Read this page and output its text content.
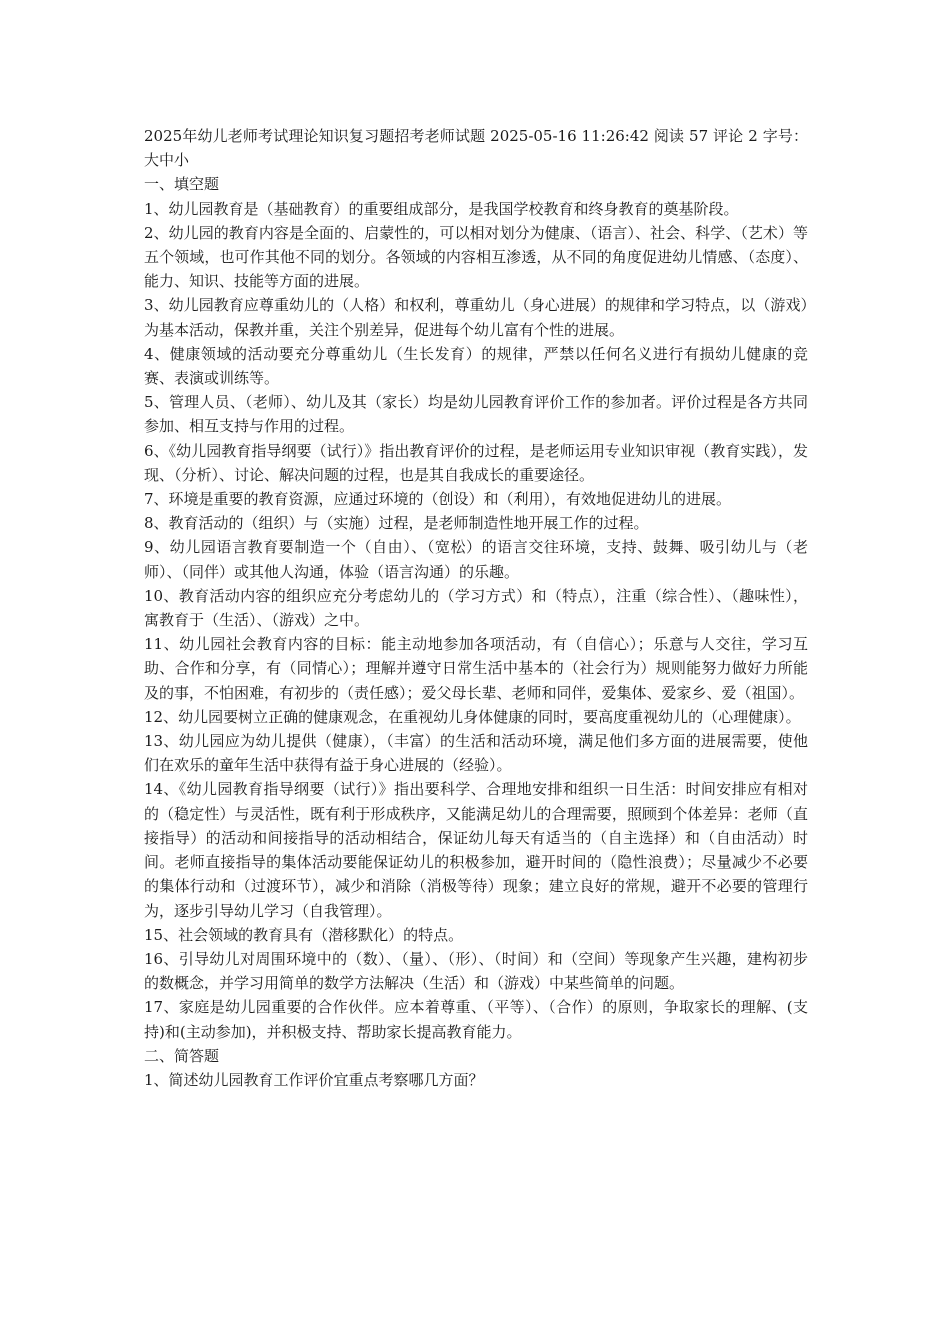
2025年幼儿老师考试理论知识复习题招考老师试题 2025-05-16 11:26:42 阅读 57 评论 2 字号：大中小

一、填空题

1、幼儿园教育是（基础教育）的重要组成部分，是我国学校教育和终身教育的奠基阶段。

2、幼儿园的教育内容是全面的、启蒙性的，可以相对划分为健康、（语言）、社会、科学、（艺术）等五个领域，也可作其他不同的划分。各领域的内容相互渗透，从不同的角度促进幼儿情感、（态度）、能力、知识、技能等方面的进展。

3、幼儿园教育应尊重幼儿的（人格）和权利，尊重幼儿（身心进展）的规律和学习特点，以（游戏）为基本活动，保教并重，关注个别差异，促进每个幼儿富有个性的进展。

4、健康领域的活动要充分尊重幼儿（生长发育）的规律，严禁以任何名义进行有损幼儿健康的竞赛、表演或训练等。

5、管理人员、（老师）、幼儿及其（家长）均是幼儿园教育评价工作的参加者。评价过程是各方共同参加、相互支持与作用的过程。

6、《幼儿园教育指导纲要（试行）》指出教育评价的过程，是老师运用专业知识审视（教育实践），发现、（分析）、讨论、解决问题的过程，也是其自我成长的重要途径。

7、环境是重要的教育资源，应通过环境的（创设）和（利用），有效地促进幼儿的进展。

8、教育活动的（组织）与（实施）过程，是老师制造性地开展工作的过程。

9、幼儿园语言教育要制造一个（自由）、（宽松）的语言交往环境，支持、鼓舞、吸引幼儿与（老师）、（同伴）或其他人沟通，体验（语言沟通）的乐趣。

10、教育活动内容的组织应充分考虑幼儿的（学习方式）和（特点），注重（综合性）、（趣味性），寓教育于（生活）、（游戏）之中。

11、幼儿园社会教育内容的目标：能主动地参加各项活动，有（自信心）；乐意与人交往，学习互助、合作和分享，有（同情心）；理解并遵守日常生活中基本的（社会行为）规则能努力做好力所能及的事，不怕困难，有初步的（责任感）；爱父母长辈、老师和同伴，爱集体、爱家乡、爱（祖国）。

12、幼儿园要树立正确的健康观念，在重视幼儿身体健康的同时，要高度重视幼儿的（心理健康）。

13、幼儿园应为幼儿提供（健康），（丰富）的生活和活动环境，满足他们多方面的进展需要，使他们在欢乐的童年生活中获得有益于身心进展的（经验）。

14、《幼儿园教育指导纲要（试行）》指出要科学、合理地安排和组织一日生活：时间安排应有相对的（稳定性）与灵活性，既有利于形成秩序，又能满足幼儿的合理需要，照顾到个体差异：老师（直接指导）的活动和间接指导的活动相结合，保证幼儿每天有适当的（自主选择）和（自由活动）时间。老师直接指导的集体活动要能保证幼儿的积极参加，避开时间的（隐性浪费）；尽量减少不必要的集体行动和（过渡环节），减少和消除（消极等待）现象；建立良好的常规，避开不必要的管理行为，逐步引导幼儿学习（自我管理）。

15、社会领域的教育具有（潜移默化）的特点。

16、引导幼儿对周围环境中的（数）、（量）、（形）、（时间）和（空间）等现象产生兴趣，建构初步的数概念，并学习用简单的数学方法解决（生活）和（游戏）中某些简单的问题。

17、家庭是幼儿园重要的合作伙伴。应本着尊重、（平等）、（合作）的原则，争取家长的理解、(支持)和(主动参加)，并积极支持、帮助家长提高教育能力。

二、简答题

1、简述幼儿园教育工作评价宜重点考察哪几方面？
